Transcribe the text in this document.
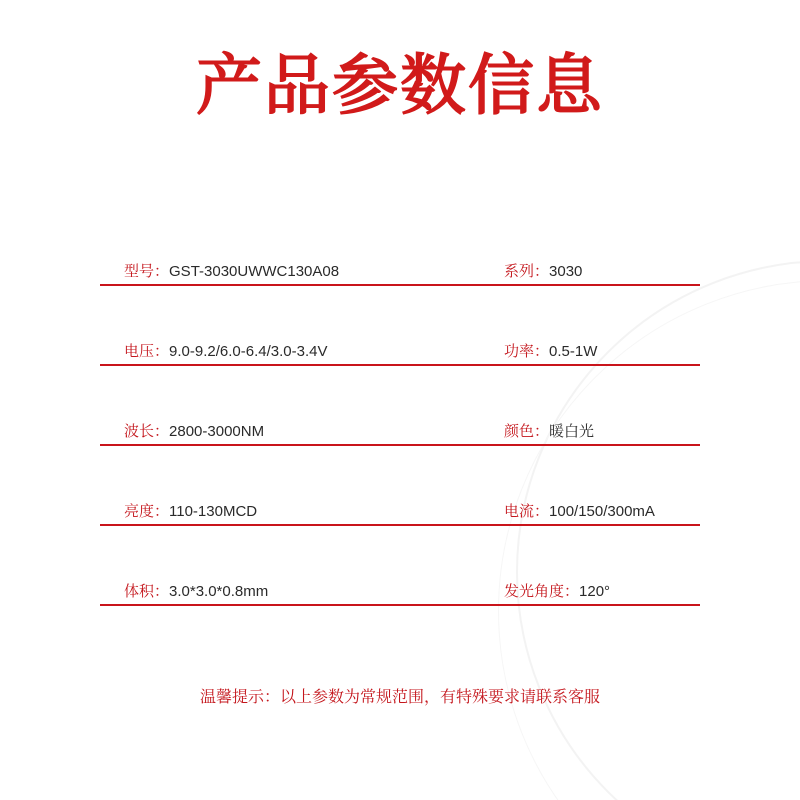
产品参数信息
型号：GST-3030UWWC130A08	系列：3030
电压：9.0-9.2/6.0-6.4/3.0-3.4V	功率：0.5-1W
波长：2800-3000NM	颜色：暖白光
亮度：110-130MCD	电流：100/150/300mA
体积：3.0*3.0*0.8mm	发光角度：120°
温馨提示：以上参数为常规范围，有特殊要求请联系客服
